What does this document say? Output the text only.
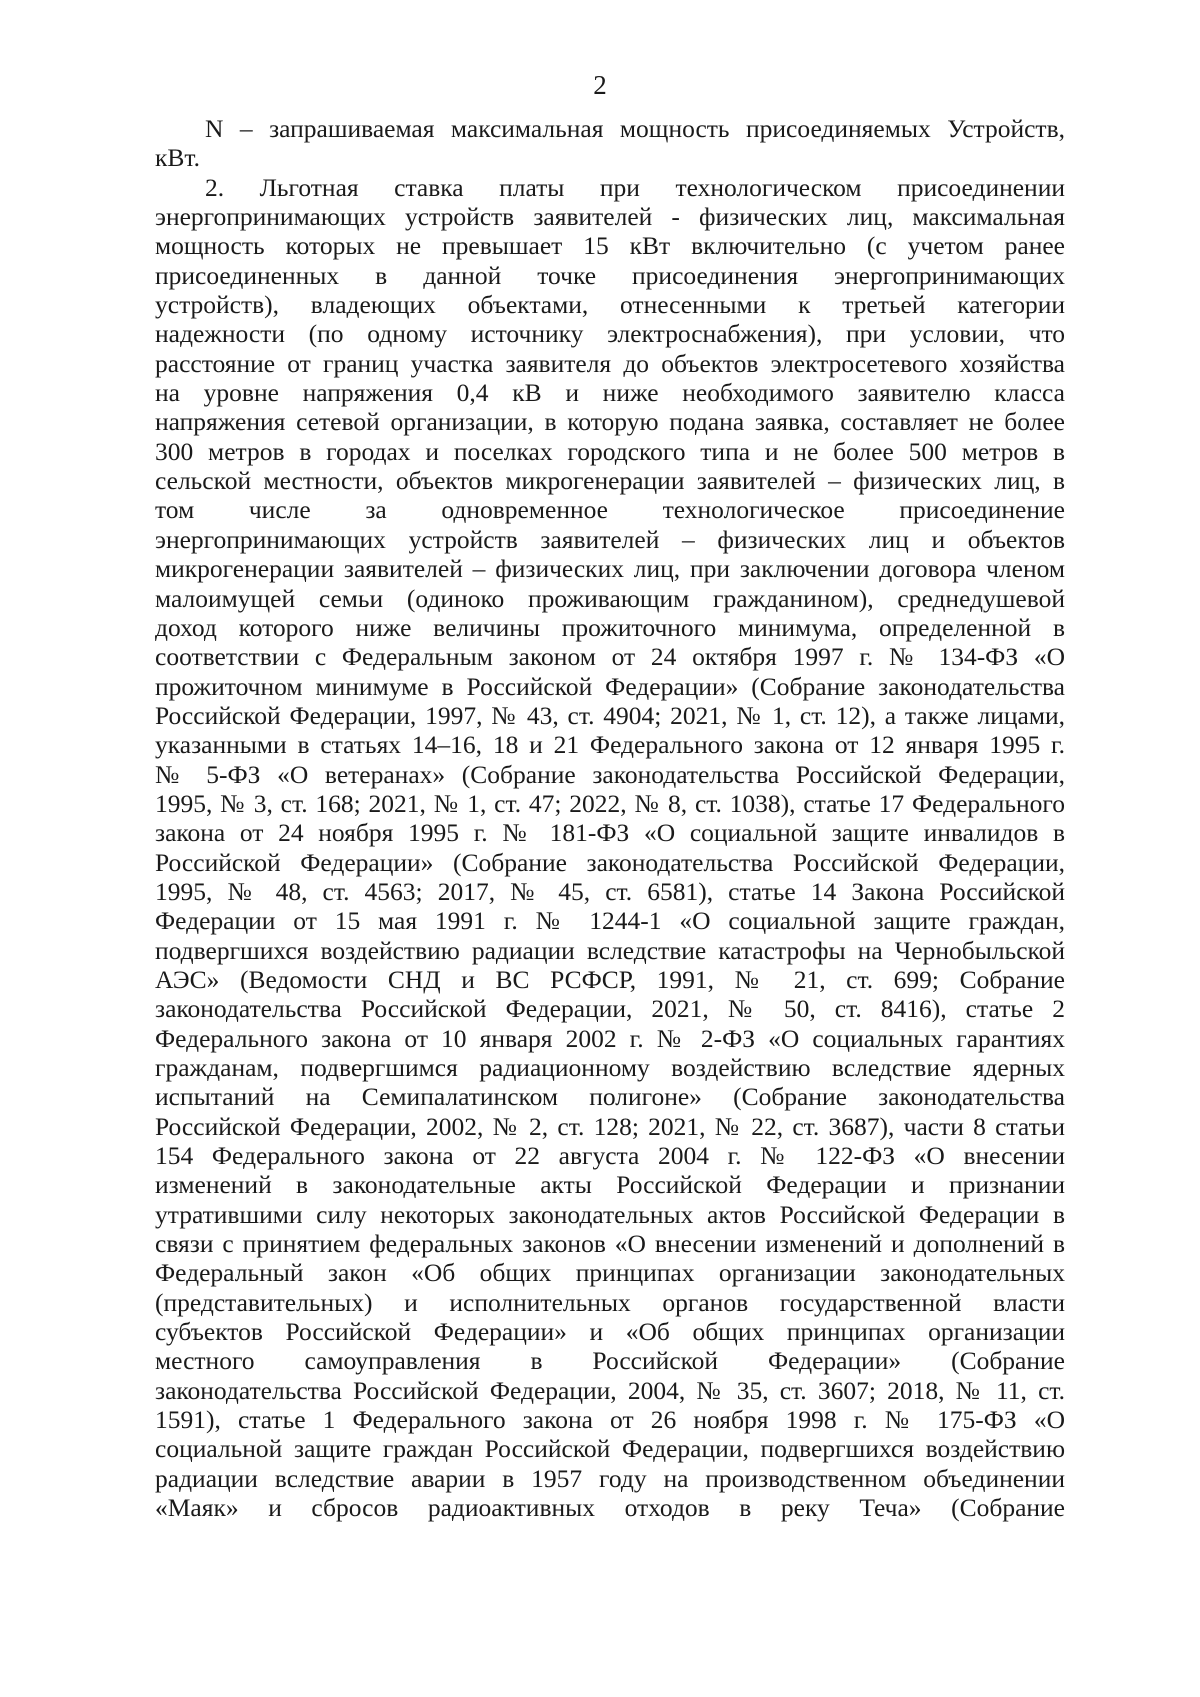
2
N – запрашиваемая максимальная мощность присоединяемых Устройств,
кВт.
2. Льготная ставка платы при технологическом присоединении
энергопринимающих устройств заявителей - физических лиц, максимальная
мощность которых не превышает 15 кВт включительно (с учетом ранее
присоединенных в данной точке присоединения энергопринимающих
устройств), владеющих объектами, отнесенными к третьей категории
надежности (по одному источнику электроснабжения), при условии, что
расстояние от границ участка заявителя до объектов электросетевого хозяйства
на уровне напряжения 0,4 кВ и ниже необходимого заявителю класса
напряжения сетевой организации, в которую подана заявка, составляет не более
300 метров в городах и поселках городского типа и не более 500 метров в
сельской местности, объектов микрогенерации заявителей – физических лиц, в
том числе за одновременное технологическое присоединение
энергопринимающих устройств заявителей – физических лиц и объектов
микрогенерации заявителей – физических лиц, при заключении договора членом
малоимущей семьи (одиноко проживающим гражданином), среднедушевой
доход которого ниже величины прожиточного минимума, определенной в
соответствии с Федеральным законом от 24 октября 1997 г. № 134-ФЗ «О
прожиточном минимуме в Российской Федерации» (Собрание законодательства
Российской Федерации, 1997, № 43, ст. 4904; 2021, № 1, ст. 12), а также лицами,
указанными в статьях 14–16, 18 и 21 Федерального закона от 12 января 1995 г.
№ 5-ФЗ «О ветеранах» (Собрание законодательства Российской Федерации,
1995, № 3, ст. 168; 2021, № 1, ст. 47; 2022, № 8, ст. 1038), статье 17 Федерального
закона от 24 ноября 1995 г. № 181-ФЗ «О социальной защите инвалидов в
Российской Федерации» (Собрание законодательства Российской Федерации,
1995, № 48, ст. 4563; 2017, № 45, ст. 6581), статье 14 Закона Российской
Федерации от 15 мая 1991 г. № 1244-1 «О социальной защите граждан,
подвергшихся воздействию радиации вследствие катастрофы на Чернобыльской
АЭС» (Ведомости СНД и ВС РСФСР, 1991, № 21, ст. 699; Собрание
законодательства Российской Федерации, 2021, № 50, ст. 8416), статье 2
Федерального закона от 10 января 2002 г. № 2-ФЗ «О социальных гарантиях
гражданам, подвергшимся радиационному воздействию вследствие ядерных
испытаний на Семипалатинском полигоне» (Собрание законодательства
Российской Федерации, 2002, № 2, ст. 128; 2021, № 22, ст. 3687), части 8 статьи
154 Федерального закона от 22 августа 2004 г. № 122-ФЗ «О внесении
изменений в законодательные акты Российской Федерации и признании
утратившими силу некоторых законодательных актов Российской Федерации в
связи с принятием федеральных законов «О внесении изменений и дополнений в
Федеральный закон «Об общих принципах организации законодательных
(представительных) и исполнительных органов государственной власти
субъектов Российской Федерации» и «Об общих принципах организации
местного самоуправления в Российской Федерации» (Собрание
законодательства Российской Федерации, 2004, № 35, ст. 3607; 2018, № 11, ст.
1591), статье 1 Федерального закона от 26 ноября 1998 г. № 175-ФЗ «О
социальной защите граждан Российской Федерации, подвергшихся воздействию
радиации вследствие аварии в 1957 году на производственном объединении
«Маяк» и сбросов радиоактивных отходов в реку Теча» (Собрание
